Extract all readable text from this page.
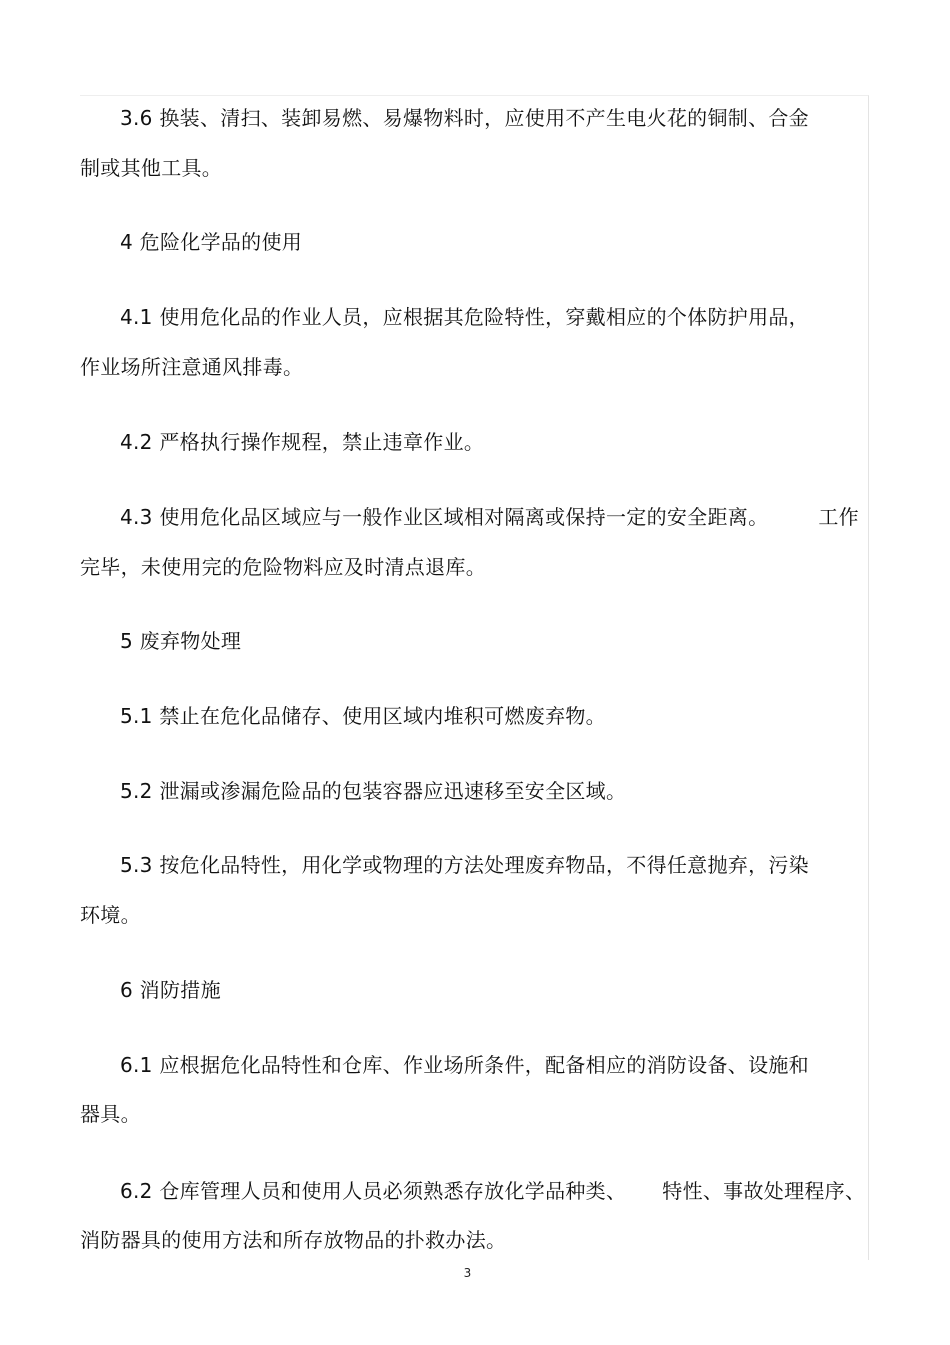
3.6 换装、清扫、装卸易燃、易爆物料时，应使用不产生电火花的铜制、合金
制或其他工具。
4 危险化学品的使用
4.1 使用危化品的作业人员，应根据其危险特性，穿戴相应的个体防护用品，
作业场所注意通风排毒。
4.2 严格执行操作规程，禁止违章作业。
4.3 使用危化品区域应与一般作业区域相对隔离或保持一定的安全距离。	工作
完毕，未使用完的危险物料应及时清点退库。
5 废弃物处理
5.1 禁止在危化品储存、使用区域内堆积可燃废弃物。
5.2 泄漏或渗漏危险品的包装容器应迅速移至安全区域。
5.3 按危化品特性，用化学或物理的方法处理废弃物品，不得任意抛弃，污染
环境。
6 消防措施
6.1 应根据危化品特性和仓库、作业场所条件，配备相应的消防设备、设施和
器具。
6.2 仓库管理人员和使用人员必须熟悉存放化学品种类、 特性、事故处理程序、
消防器具的使用方法和所存放物品的扑救办法。
3
